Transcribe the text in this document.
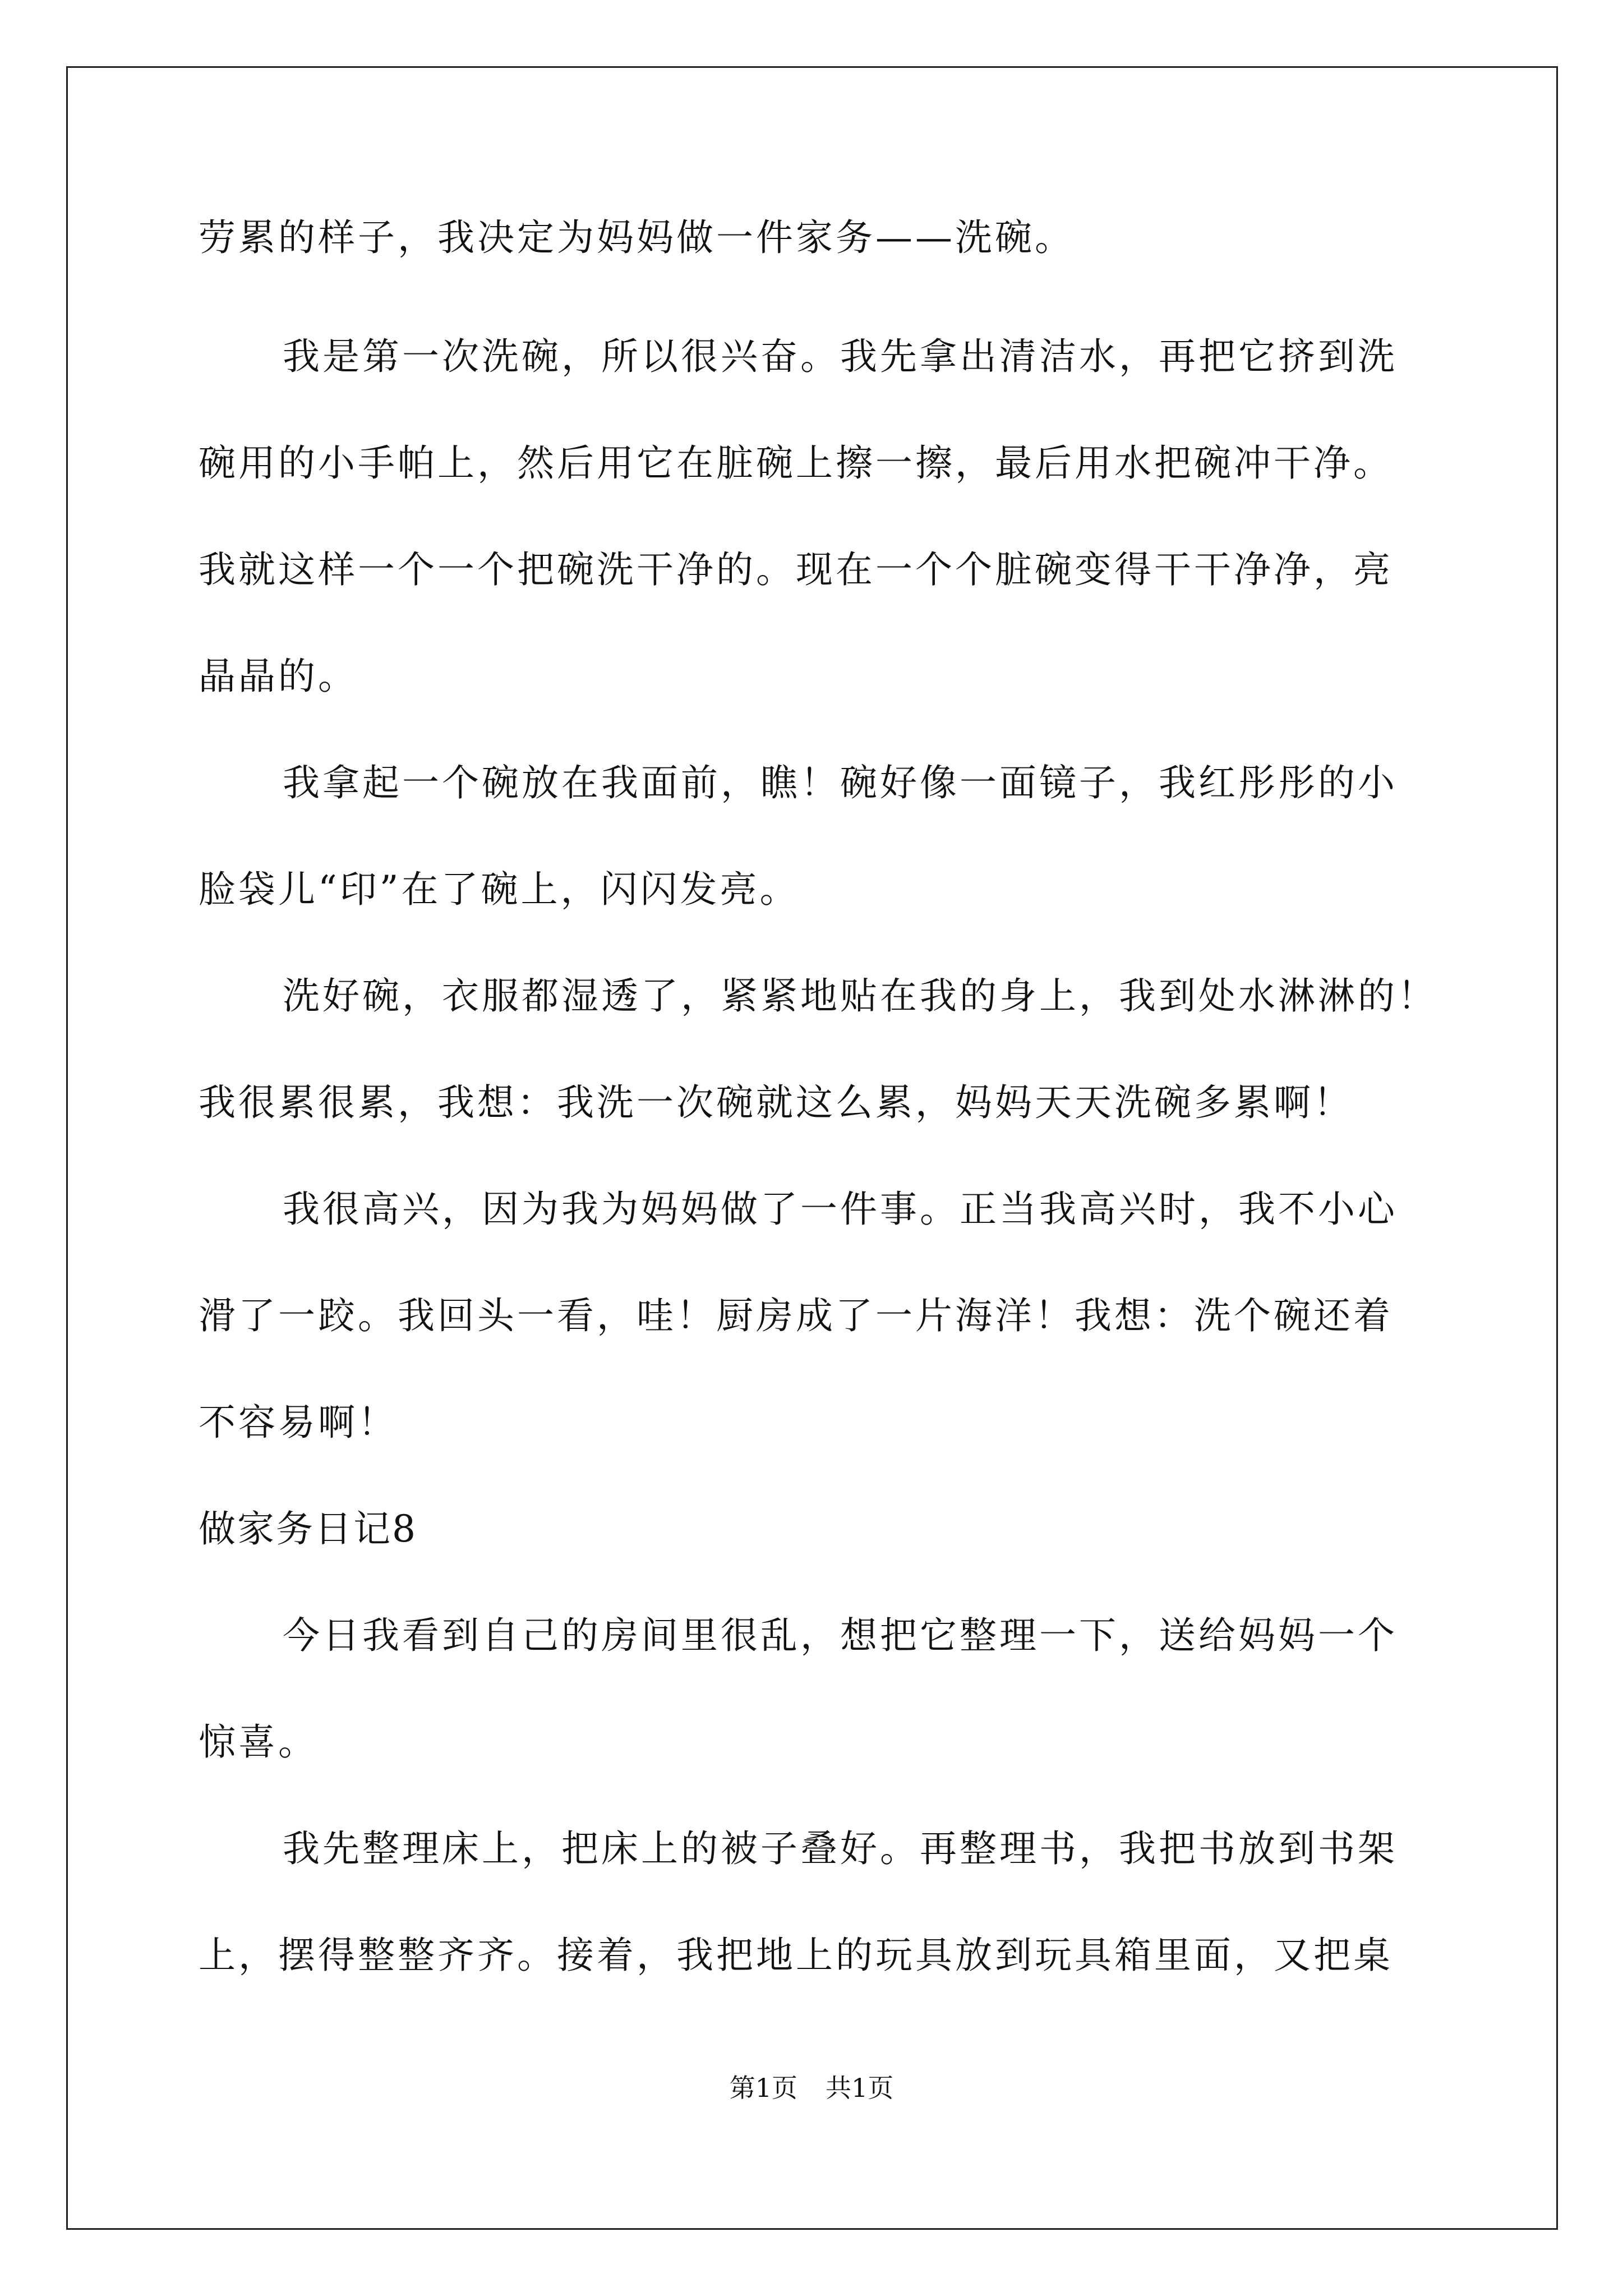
劳累的样子，我决定为妈妈做一件家务——洗碗。
我是第一次洗碗，所以很兴奋。我先拿出清洁水，再把它挤到洗
碗用的小手帕上，然后用它在脏碗上擦一擦，最后用水把碗冲干净。
我就这样一个一个把碗洗干净的。现在一个个脏碗变得干干净净，亮
晶晶的。
我拿起一个碗放在我面前，瞧！碗好像一面镜子，我红彤彤的小
脸袋儿“印”在了碗上，闪闪发亮。
洗好碗，衣服都湿透了，紧紧地贴在我的身上，我到处水淋淋的！
我很累很累，我想：我洗一次碗就这么累，妈妈天天洗碗多累啊！
我很高兴，因为我为妈妈做了一件事。正当我高兴时，我不小心
滑了一跤。我回头一看，哇！厨房成了一片海洋！我想：洗个碗还着
不容易啊！
做家务日记8
今日我看到自己的房间里很乱，想把它整理一下，送给妈妈一个
惊喜。
我先整理床上，把床上的被子叠好。再整理书，我把书放到书架
上，摆得整整齐齐。接着，我把地上的玩具放到玩具箱里面，又把桌
第1页 共1页
